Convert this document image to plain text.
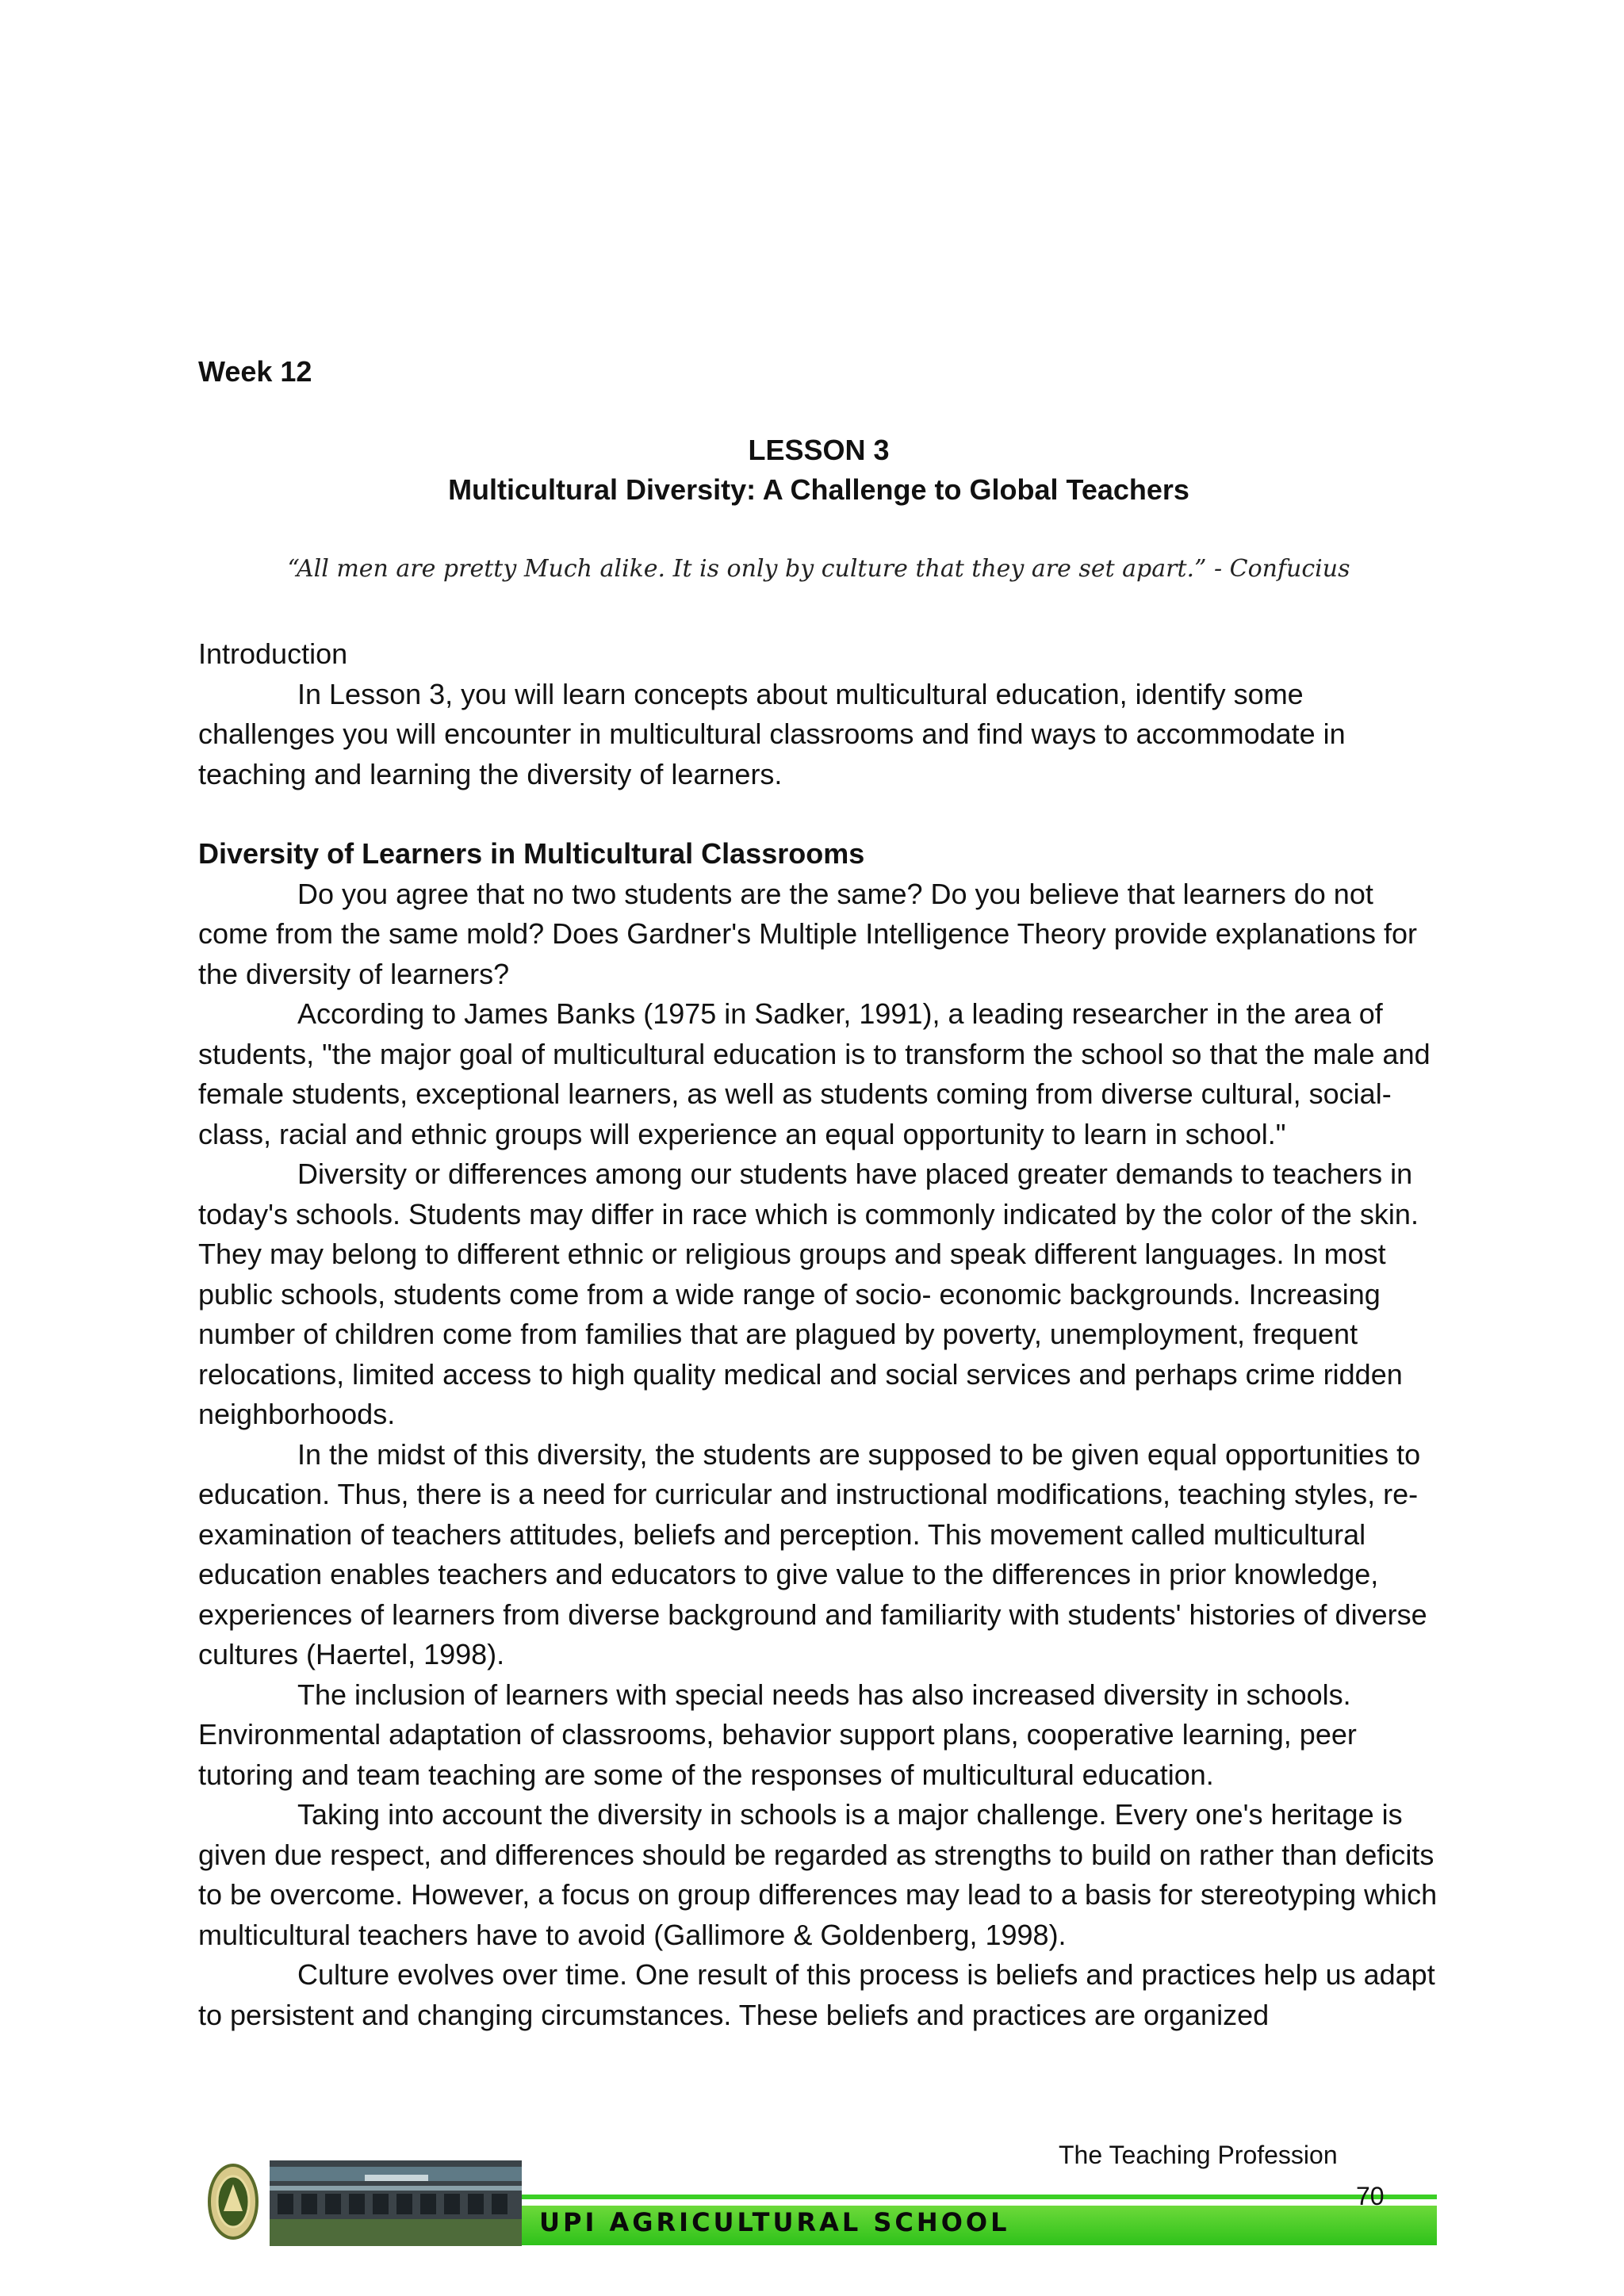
Week 12
LESSON 3
Multicultural Diversity: A Challenge to Global Teachers
“All men are pretty Much alike. It is only by culture that they are set apart.” - Confucius

Introduction

In Lesson 3, you will learn concepts about multicultural education, identify some challenges you will encounter in multicultural classrooms and find ways to accommodate in teaching and learning the diversity of learners.

Diversity of Learners in Multicultural Classrooms

Do you agree that no two students are the same? Do you believe that learners do not come from the same mold? Does Gardner's Multiple Intelligence Theory provide explanations for the diversity of learners?

According to James Banks (1975 in Sadker, 1991), a leading researcher in the area of students, "the major goal of multicultural education is to transform the school so that the male and female students, exceptional learners, as well as students coming from diverse cultural, social-class, racial and ethnic groups will experience an equal opportunity to learn in school."

Diversity or differences among our students have placed greater demands to teachers in today's schools. Students may differ in race which is commonly indicated by the color of the skin. They may belong to different ethnic or religious groups and speak different languages. In most public schools, students come from a wide range of socio- economic backgrounds. Increasing number of children come from families that are plagued by poverty, unemployment, frequent relocations, limited access to high quality medical and social services and perhaps crime ridden neighborhoods.

In the midst of this diversity, the students are supposed to be given equal opportunities to education. Thus, there is a need for curricular and instructional modifications, teaching styles, re-examination of teachers attitudes, beliefs and perception. This movement called multicultural education enables teachers and educators to give value to the differences in prior knowledge, experiences of learners from diverse background and familiarity with students' histories of diverse cultures (Haertel, 1998).

The inclusion of learners with special needs has also increased diversity in schools. Environmental adaptation of classrooms, behavior support plans, cooperative learning, peer tutoring and team teaching are some of the responses of multicultural education.

Taking into account the diversity in schools is a major challenge. Every one's heritage is given due respect, and differences should be regarded as strengths to build on rather than deficits to be overcome. However, a focus on group differences may lead to a basis for stereotyping which multicultural teachers have to avoid (Gallimore & Goldenberg, 1998).

Culture evolves over time. One result of this process is beliefs and practices help us adapt to persistent and changing circumstances. These beliefs and practices are organized

The Teaching Profession
70
UPI AGRICULTURAL SCHOOL
